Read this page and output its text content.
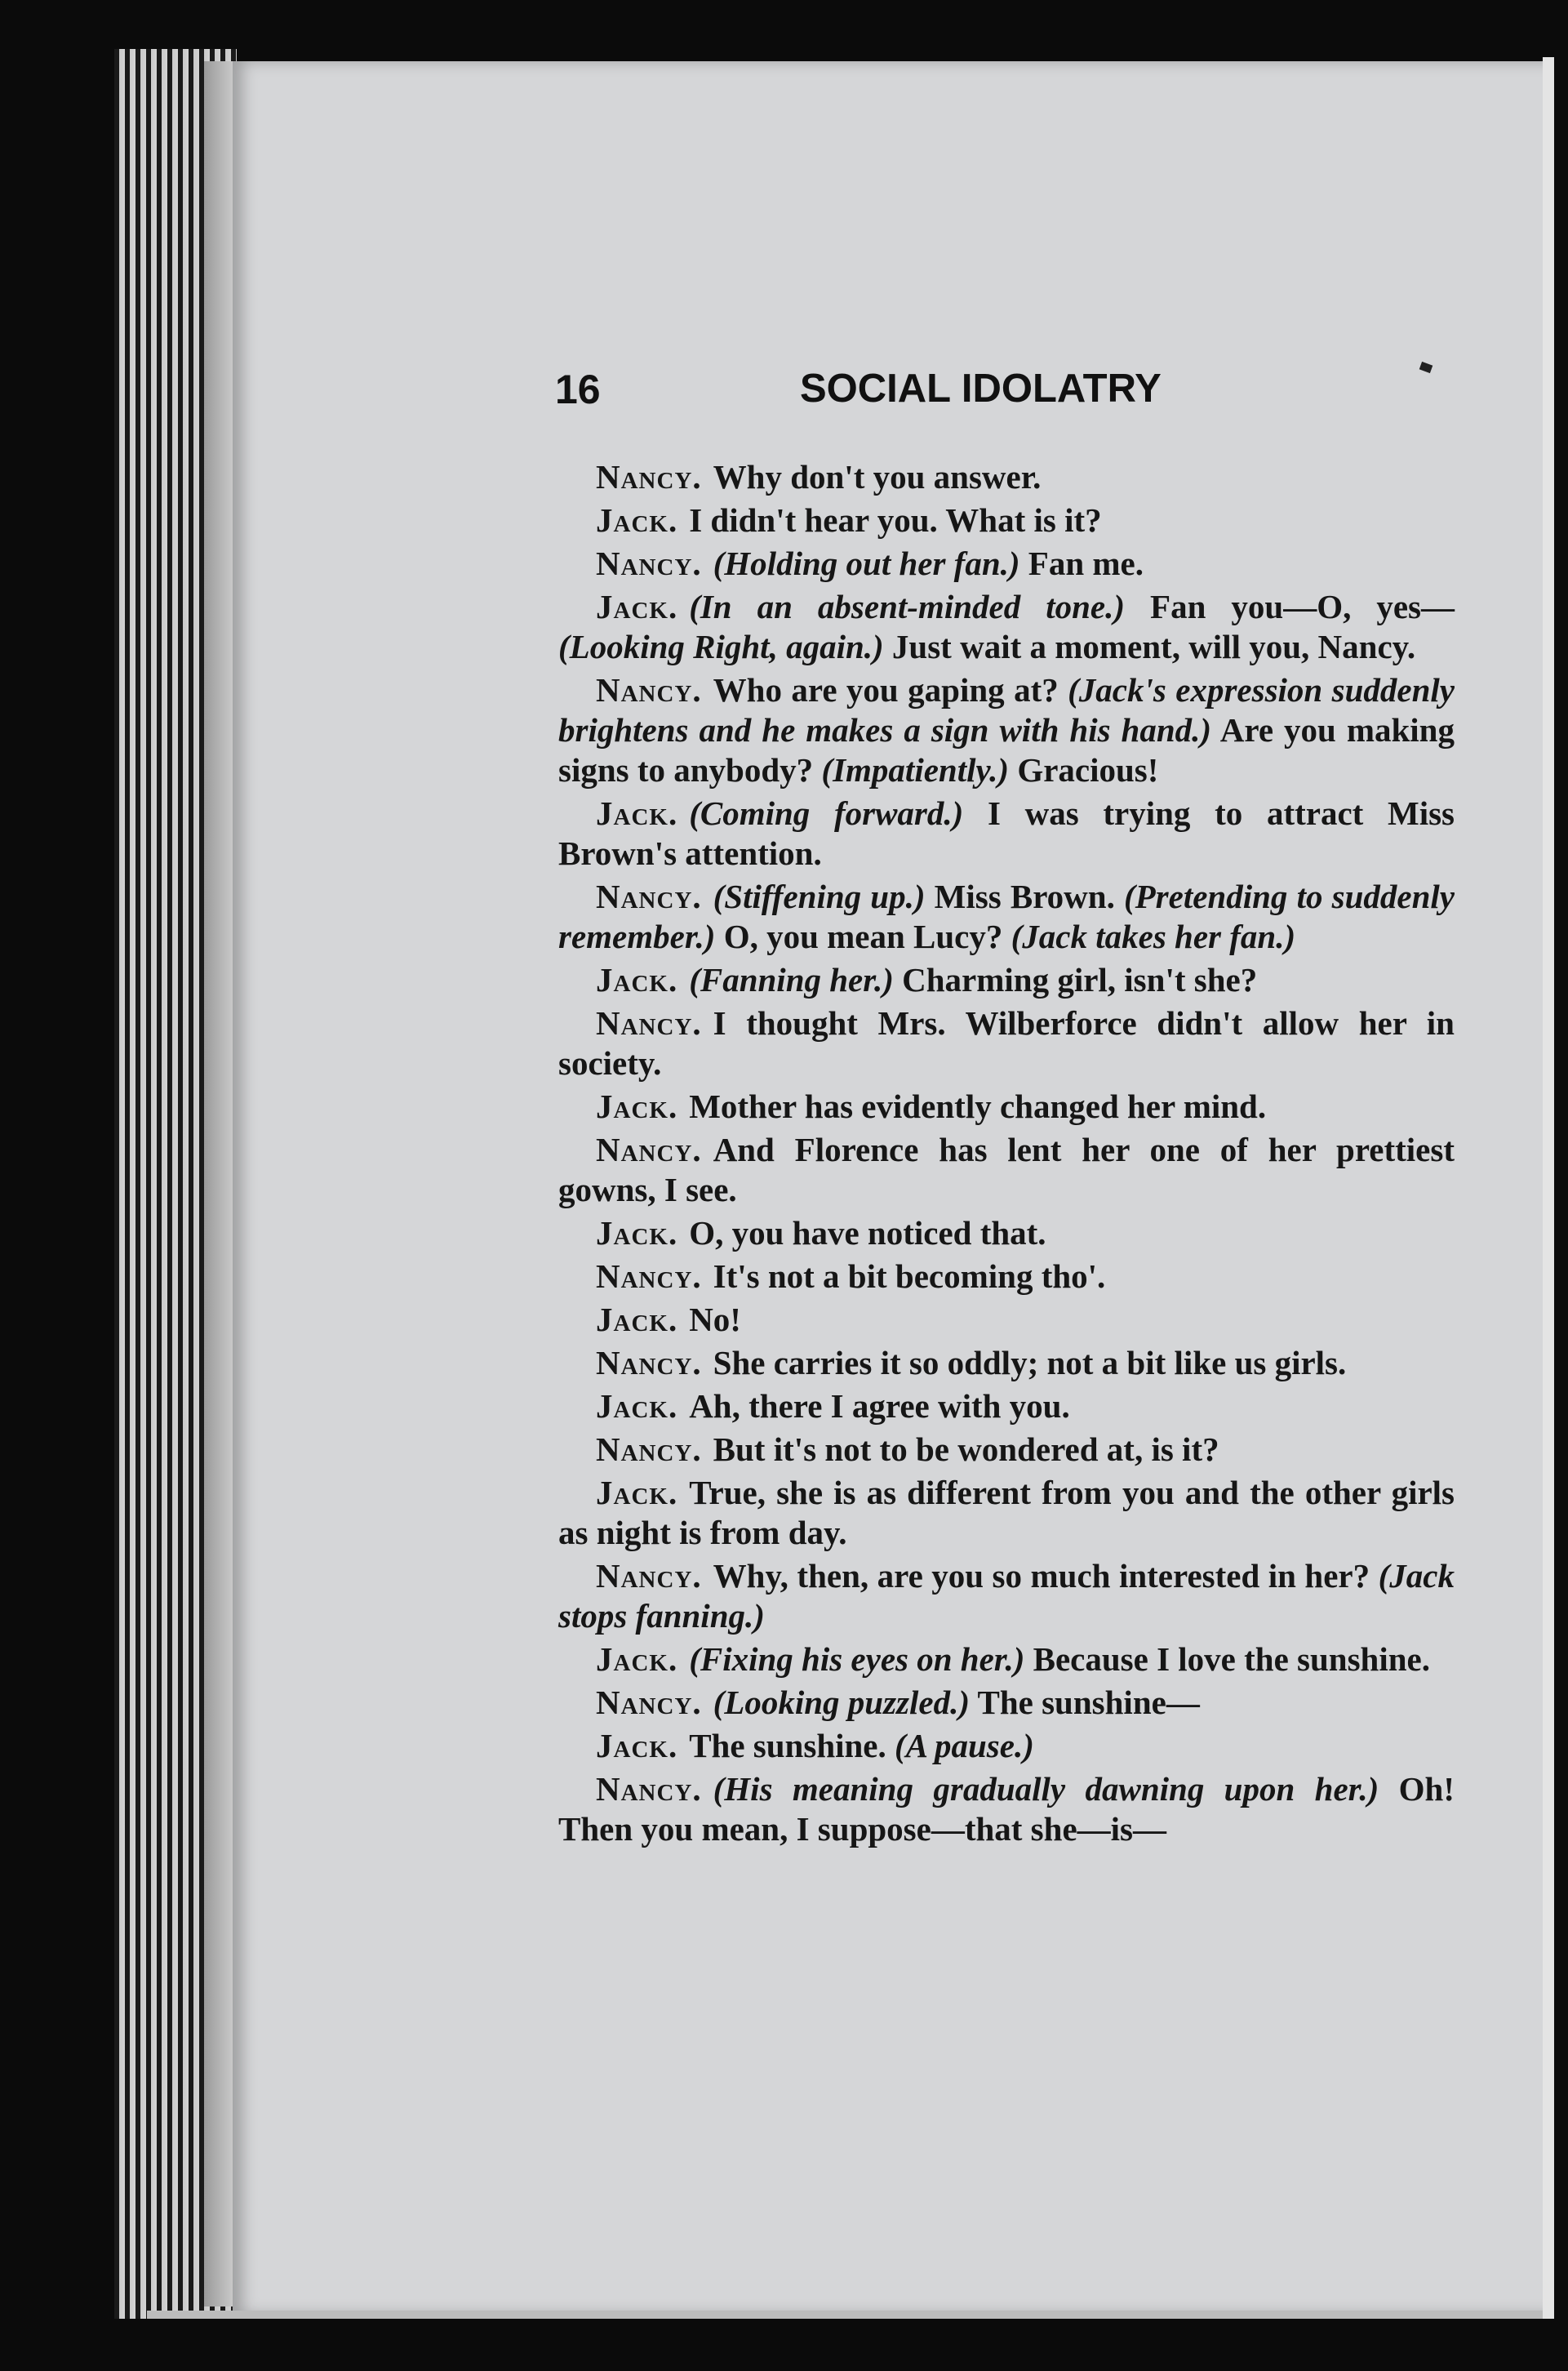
16	SOCIAL IDOLATRY

Nancy. Why don't you answer.

Jack. I didn't hear you. What is it?

Nancy. (Holding out her fan.) Fan me.

Jack. (In an absent-minded tone.) Fan you—O, yes—(Looking Right, again.) Just wait a moment, will you, Nancy.

Nancy. Who are you gaping at? (Jack's expression suddenly brightens and he makes a sign with his hand.) Are you making signs to anybody? (Impatiently.) Gracious!

Jack. (Coming forward.) I was trying to attract Miss Brown's attention.

Nancy. (Stiffening up.) Miss Brown. (Pretending to suddenly remember.) O, you mean Lucy? (Jack takes her fan.)

Jack. (Fanning her.) Charming girl, isn't she?

Nancy. I thought Mrs. Wilberforce didn't allow her in society.

Jack. Mother has evidently changed her mind.

Nancy. And Florence has lent her one of her prettiest gowns, I see.

Jack. O, you have noticed that.

Nancy. It's not a bit becoming tho'.

Jack. No!

Nancy. She carries it so oddly; not a bit like us girls.

Jack. Ah, there I agree with you.

Nancy. But it's not to be wondered at, is it?

Jack. True, she is as different from you and the other girls as night is from day.

Nancy. Why, then, are you so much interested in her? (Jack stops fanning.)

Jack. (Fixing his eyes on her.) Because I love the sunshine.

Nancy. (Looking puzzled.) The sunshine—

Jack. The sunshine. (A pause.)

Nancy. (His meaning gradually dawning upon her.) Oh! Then you mean, I suppose—that she—is—
